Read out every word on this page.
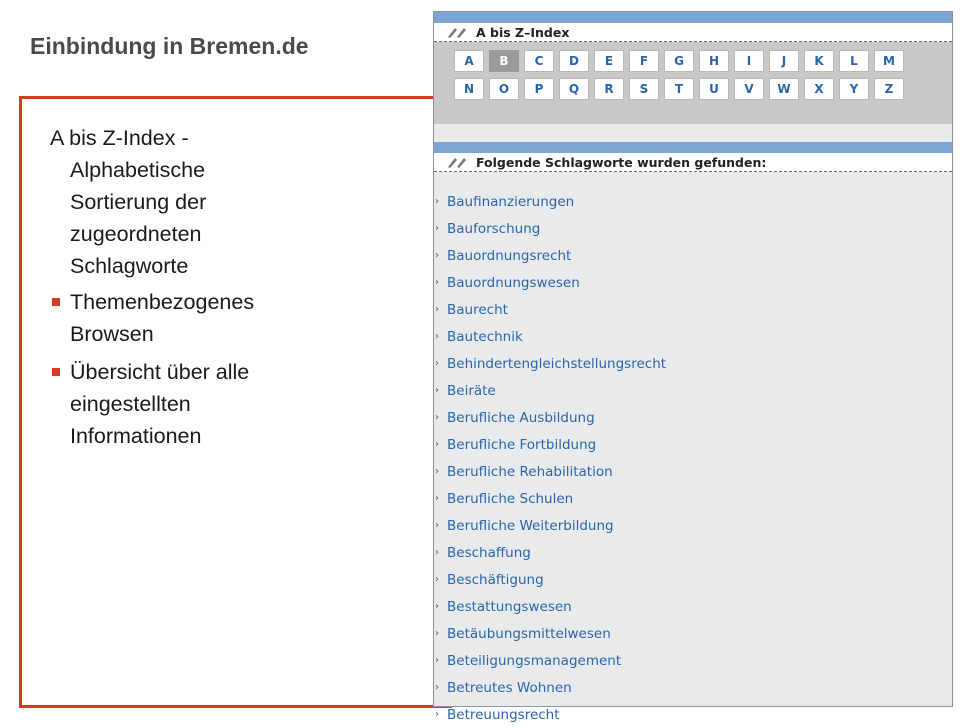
Einbindung in Bremen.de
A bis Z-Index -
Alphabetische Sortierung der zugeordneten Schlagworte
Themenbezogenes Browsen
Übersicht über alle eingestellten Informationen
A bis Z–Index
A	B	C	D	E	F	G	H	I	J	K	L	M
N	O	P	Q	R	S	T	U	V	W	X	Y	Z
Folgende Schlagworte wurden gefunden:
› Baufinanzierungen
› Bauforschung
› Bauordnungsrecht
› Bauordnungswesen
› Baurecht
› Bautechnik
› Behindertengleichstellungsrecht
› Beiräte
› Berufliche Ausbildung
› Berufliche Fortbildung
› Berufliche Rehabilitation
› Berufliche Schulen
› Berufliche Weiterbildung
› Beschaffung
› Beschäftigung
› Bestattungswesen
› Betäubungsmittelwesen
› Beteiligungsmanagement
› Betreutes Wohnen
› Betreuungsrecht
